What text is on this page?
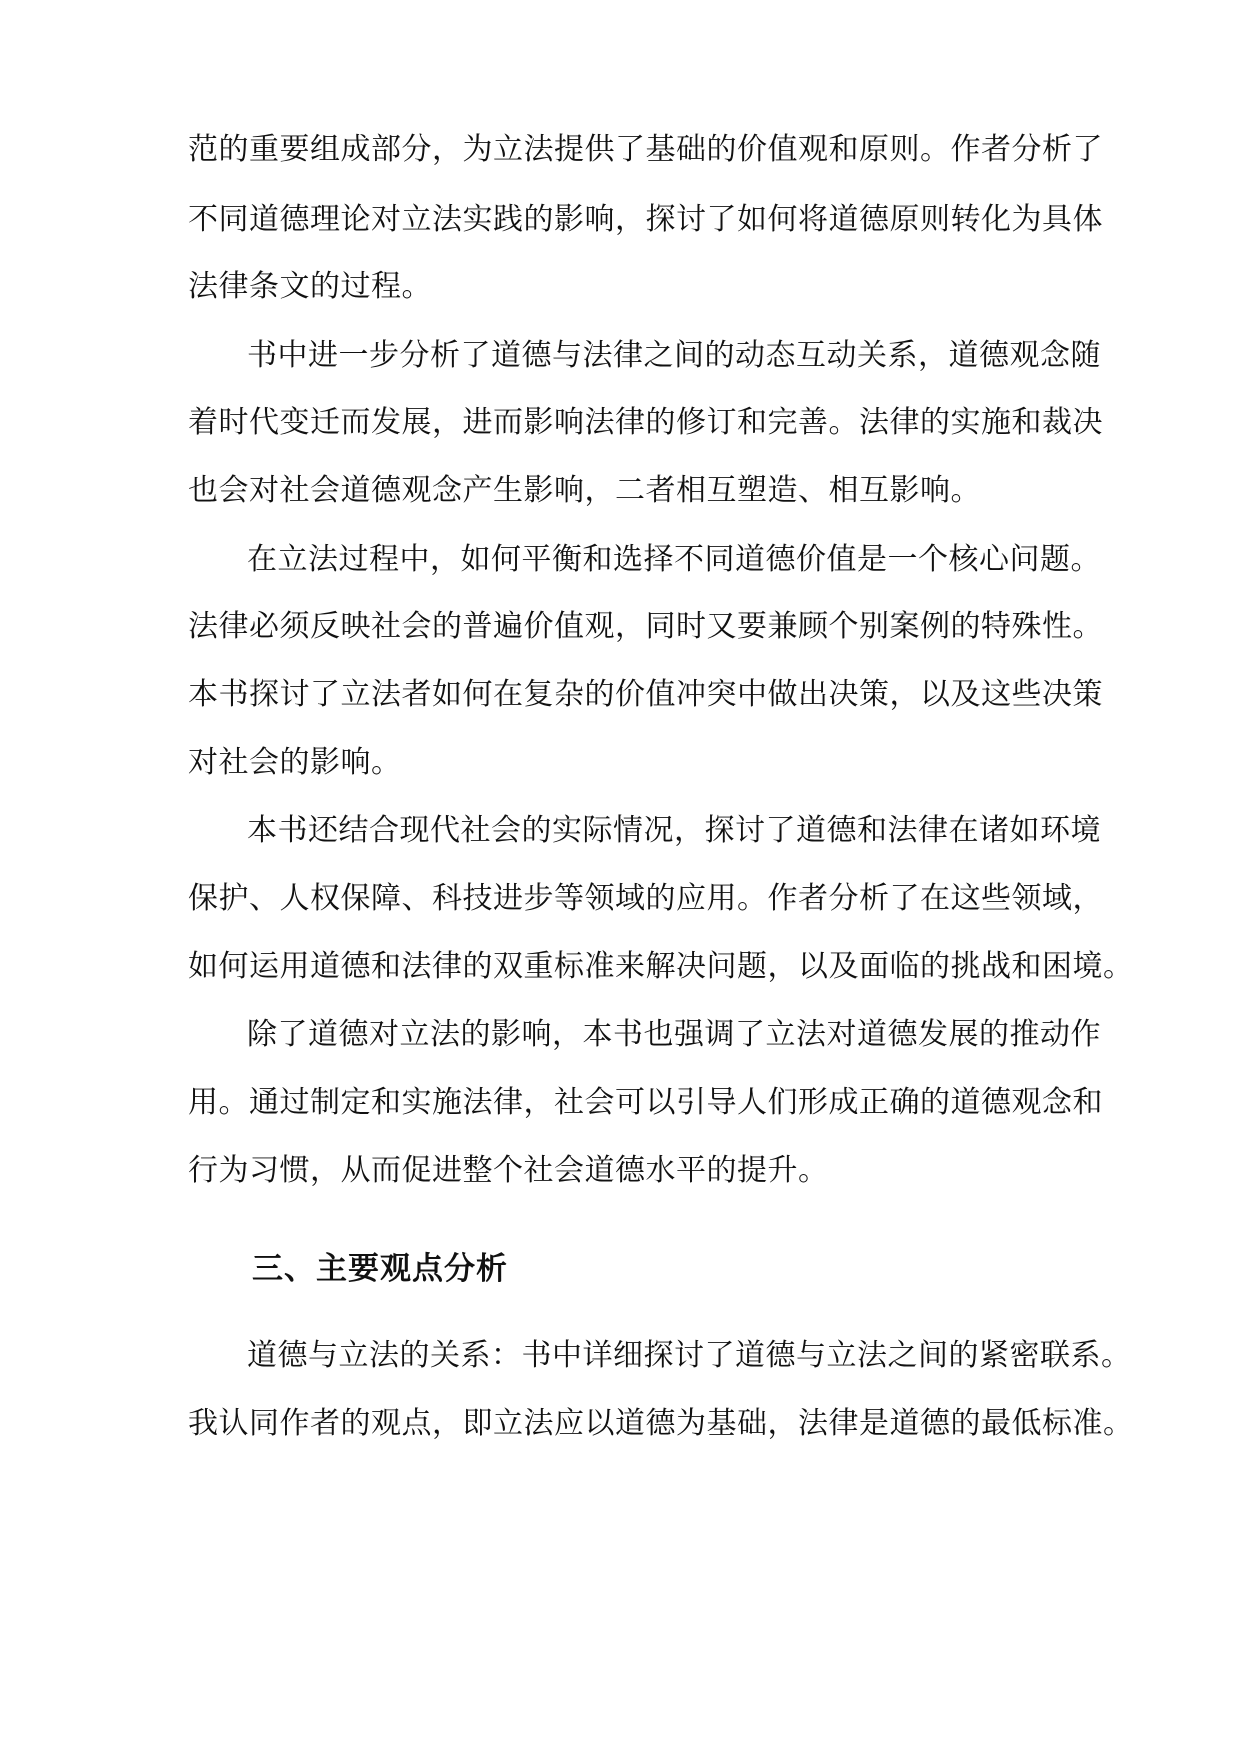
范的重要组成部分，为立法提供了基础的价值观和原则。作者分析了
不同道德理论对立法实践的影响，探讨了如何将道德原则转化为具体
法律条文的过程。
书中进一步分析了道德与法律之间的动态互动关系，道德观念随
着时代变迁而发展，进而影响法律的修订和完善。法律的实施和裁决
也会对社会道德观念产生影响，二者相互塑造、相互影响。
在立法过程中，如何平衡和选择不同道德价值是一个核心问题。
法律必须反映社会的普遍价值观，同时又要兼顾个别案例的特殊性。
本书探讨了立法者如何在复杂的价值冲突中做出决策，以及这些决策
对社会的影响。
本书还结合现代社会的实际情况，探讨了道德和法律在诸如环境
保护、人权保障、科技进步等领域的应用。作者分析了在这些领域，
如何运用道德和法律的双重标准来解决问题，以及面临的挑战和困境。
除了道德对立法的影响，本书也强调了立法对道德发展的推动作
用。通过制定和实施法律，社会可以引导人们形成正确的道德观念和
行为习惯，从而促进整个社会道德水平的提升。
三、主要观点分析
道德与立法的关系：书中详细探讨了道德与立法之间的紧密联系。
我认同作者的观点，即立法应以道德为基础，法律是道德的最低标准。
